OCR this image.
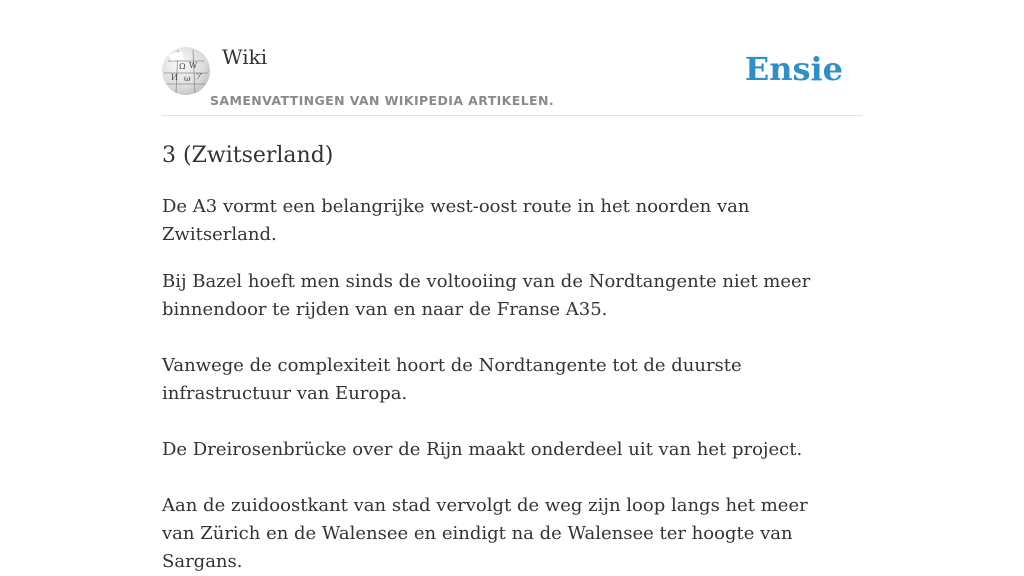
Ω W
И ω ア
Wiki
SAMENVATTINGEN VAN WIKIPEDIA ARTIKELEN.
Ensie
3 (Zwitserland)

De A3 vormt een belangrijke west-oost route in het noorden van Zwitserland.

Bij Bazel hoeft men sinds de voltooiing van de Nordtangente niet meer binnendoor te rijden van en naar de Franse A35.

Vanwege de complexiteit hoort de Nordtangente tot de duurste infrastructuur van Europa.

De Dreirosenbrücke over de Rijn maakt onderdeel uit van het project.

Aan de zuidoostkant van stad vervolgt de weg zijn loop langs het meer van Zürich en de Walensee en eindigt na de Walensee ter hoogte van Sargans.
